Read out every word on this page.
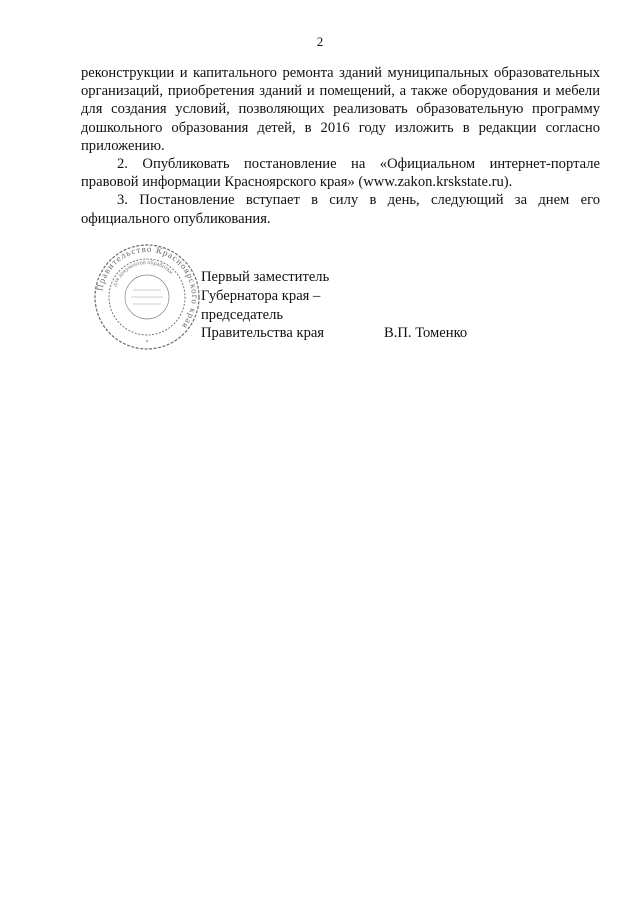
2

реконструкции и капитального ремонта зданий муниципальных образовательных организаций, приобретения зданий и помещений, а также оборудования и мебели для создания условий, позволяющих реализовать образовательную программу дошкольного образования детей, в 2016 году изложить в редакции согласно приложению.

2. Опубликовать постановление на «Официальном интернет-портале правовой информации Красноярского края» (www.zakon.krskstate.ru).

3. Постановление вступает в силу в день, следующий за днем его официального опубликования.

Правительство Красноярского края
для документов обработки
*
Первый заместитель
Губернатора края –
председатель
Правительства края	В.П. Томенко
